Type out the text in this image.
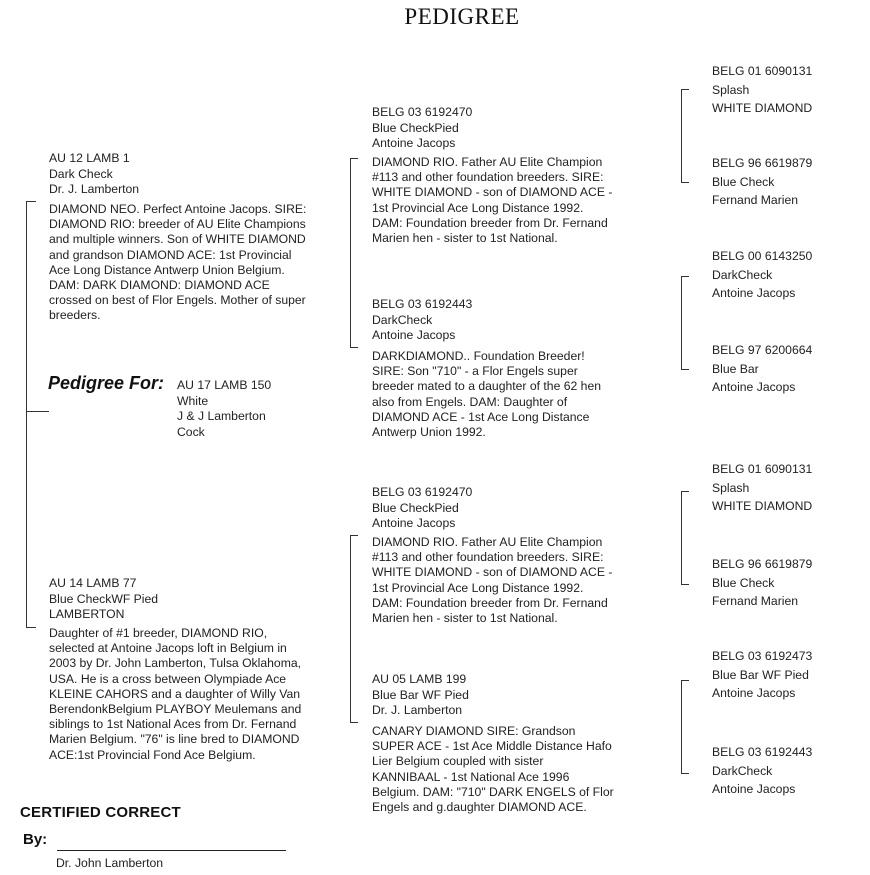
PEDIGREE
Pedigree For: AU 17 LAMB 150
White
J & J Lamberton
Cock
AU 12 LAMB 1
Dark Check
Dr. J. Lamberton
DIAMOND NEO. Perfect Antoine Jacops. SIRE:
DIAMOND RIO: breeder of AU Elite Champions
and multiple winners. Son of WHITE DIAMOND
and grandson DIAMOND ACE: 1st Provincial
Ace Long Distance Antwerp Union Belgium.
DAM: DARK DIAMOND: DIAMOND ACE
crossed on best of Flor Engels. Mother of super
breeders.
AU 14 LAMB 77
Blue CheckWF Pied
LAMBERTON
Daughter of #1 breeder, DIAMOND RIO,
selected at Antoine Jacops loft in Belgium in
2003 by Dr. John Lamberton, Tulsa Oklahoma,
USA. He is a cross between Olympiade Ace
KLEINE CAHORS and a daughter of Willy Van
BerendonkBelgium PLAYBOY Meulemans and
siblings to 1st National Aces from Dr. Fernand
Marien Belgium. "76" is line bred to DIAMOND
ACE:1st Provincial Fond Ace Belgium.
BELG 03 6192470
Blue CheckPied
Antoine Jacops
DIAMOND RIO. Father AU Elite Champion
#113 and other foundation breeders. SIRE:
WHITE DIAMOND - son of DIAMOND ACE -
1st Provincial Ace Long Distance 1992.
DAM: Foundation breeder from Dr. Fernand
Marien hen - sister to 1st National.
BELG 03 6192443
DarkCheck
Antoine Jacops
DARKDIAMOND.. Foundation Breeder!
SIRE: Son "710" - a Flor Engels super
breeder mated to a daughter of the 62 hen
also from Engels. DAM: Daughter of
DIAMOND ACE - 1st Ace Long Distance
Antwerp Union 1992.
BELG 03 6192470
Blue CheckPied
Antoine Jacops
DIAMOND RIO. Father AU Elite Champion
#113 and other foundation breeders. SIRE:
WHITE DIAMOND - son of DIAMOND ACE -
1st Provincial Ace Long Distance 1992.
DAM: Foundation breeder from Dr. Fernand
Marien hen - sister to 1st National.
AU 05 LAMB 199
Blue Bar WF Pied
Dr. J. Lamberton
CANARY DIAMOND SIRE: Grandson
SUPER ACE - 1st Ace Middle Distance Hafo
Lier Belgium coupled with sister
KANNIBAAL - 1st National Ace 1996
Belgium. DAM: "710" DARK ENGELS of Flor
Engels and g.daughter DIAMOND ACE.
BELG 01 6090131
Splash
WHITE DIAMOND
BELG 96 6619879
Blue Check
Fernand Marien
BELG 00 6143250
DarkCheck
Antoine Jacops
BELG 97 6200664
Blue Bar
Antoine Jacops
BELG 01 6090131
Splash
WHITE DIAMOND
BELG 96 6619879
Blue Check
Fernand Marien
BELG 03 6192473
Blue Bar WF Pied
Antoine Jacops
BELG 03 6192443
DarkCheck
Antoine Jacops
CERTIFIED CORRECT
By:
Dr. John Lamberton
